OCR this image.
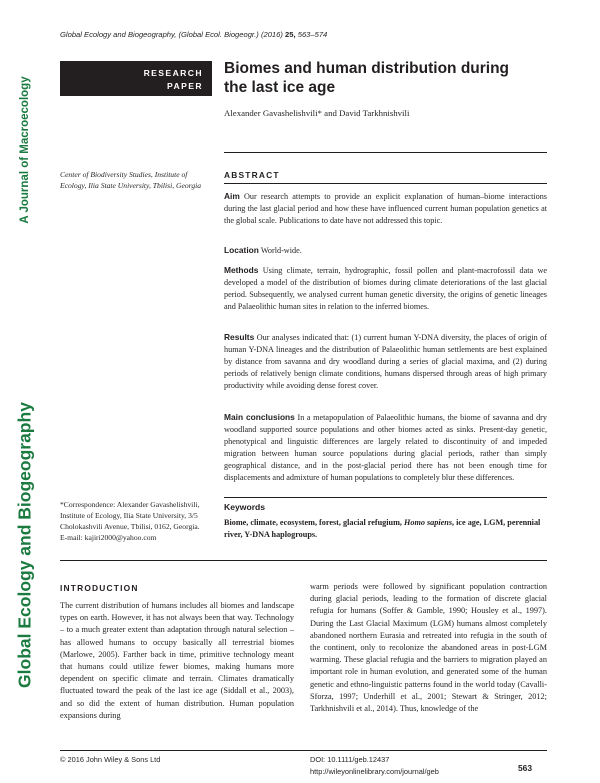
A Journal of Macroecology
Global Ecology and Biogeography
Global Ecology and Biogeography, (Global Ecol. Biogeogr.) (2016) 25, 563–574
RESEARCH
PAPER
Biomes and human distribution during
the last ice age
Alexander Gavashelishvili* and David Tarkhnishvili
Center of Biodiversity Studies, Institute of
Ecology, Ilia State University, Tbilisi, Georgia
ABSTRACT
Aim Our research attempts to provide an explicit explanation of human–biome interactions during the last glacial period and how these have influenced current human population genetics at the global scale. Publications to date have not addressed this topic.
Location World-wide.
Methods Using climate, terrain, hydrographic, fossil pollen and plant-macrofossil data we developed a model of the distribution of biomes during climate deteriorations of the last glacial period. Subsequently, we analysed current human genetic diversity, the origins of genetic lineages and Palaeolithic human sites in relation to the inferred biomes.
Results Our analyses indicated that: (1) current human Y-DNA diversity, the places of origin of human Y-DNA lineages and the distribution of Palaeolithic human settlements are best explained by distance from savanna and dry woodland during a series of glacial maxima, and (2) during periods of relatively benign climate conditions, humans dispersed through areas of high primary productivity while avoiding dense forest cover.
Main conclusions In a metapopulation of Palaeolithic humans, the biome of savanna and dry woodland supported source populations and other biomes acted as sinks. Present-day genetic, phenotypical and linguistic differences are largely related to discontinuity of and impeded migration between human source populations during glacial periods, rather than simply geographical distance, and in the post-glacial period there has not been enough time for displacements and admixture of human populations to completely blur these differences.
*Correspondence: Alexander Gavashelishvili,
Institute of Ecology, Ilia State University, 3/5
Cholokashvili Avenue, Tbilisi, 0162, Georgia.
E-mail: kajiri2000@yahoo.com
Keywords
Biome, climate, ecosystem, forest, glacial refugium, Homo sapiens, ice age, LGM, perennial river, Y-DNA haplogroups.
INTRODUCTION
The current distribution of humans includes all biomes and landscape types on earth. However, it has not always been that way. Technology – to a much greater extent than adaptation through natural selection – has allowed humans to occupy basically all terrestrial biomes (Marlowe, 2005). Farther back in time, primitive technology meant that humans could utilize fewer biomes, making humans more dependent on specific climate and terrain. Climates dramatically fluctuated toward the peak of the last ice age (Siddall et al., 2003), and so did the extent of human distribution. Human population expansions during
warm periods were followed by significant population contraction during glacial periods, leading to the formation of discrete glacial refugia for humans (Soffer & Gamble, 1990; Housley et al., 1997). During the Last Glacial Maximum (LGM) humans almost completely abandoned northern Eurasia and retreated into refugia in the south of the continent, only to recolonize the abandoned areas in post-LGM warming. These glacial refugia and the barriers to migration played an important role in human evolution, and generated some of the human genetic and ethno-linguistic patterns found in the world today (Cavalli-Sforza, 1997; Underhill et al., 2001; Stewart & Stringer, 2012; Tarkhnishvili et al., 2014). Thus, knowledge of the
© 2016 John Wiley & Sons Ltd	DOI: 10.1111/geb.12437
http://wileyonlinelibrary.com/journal/geb	563
